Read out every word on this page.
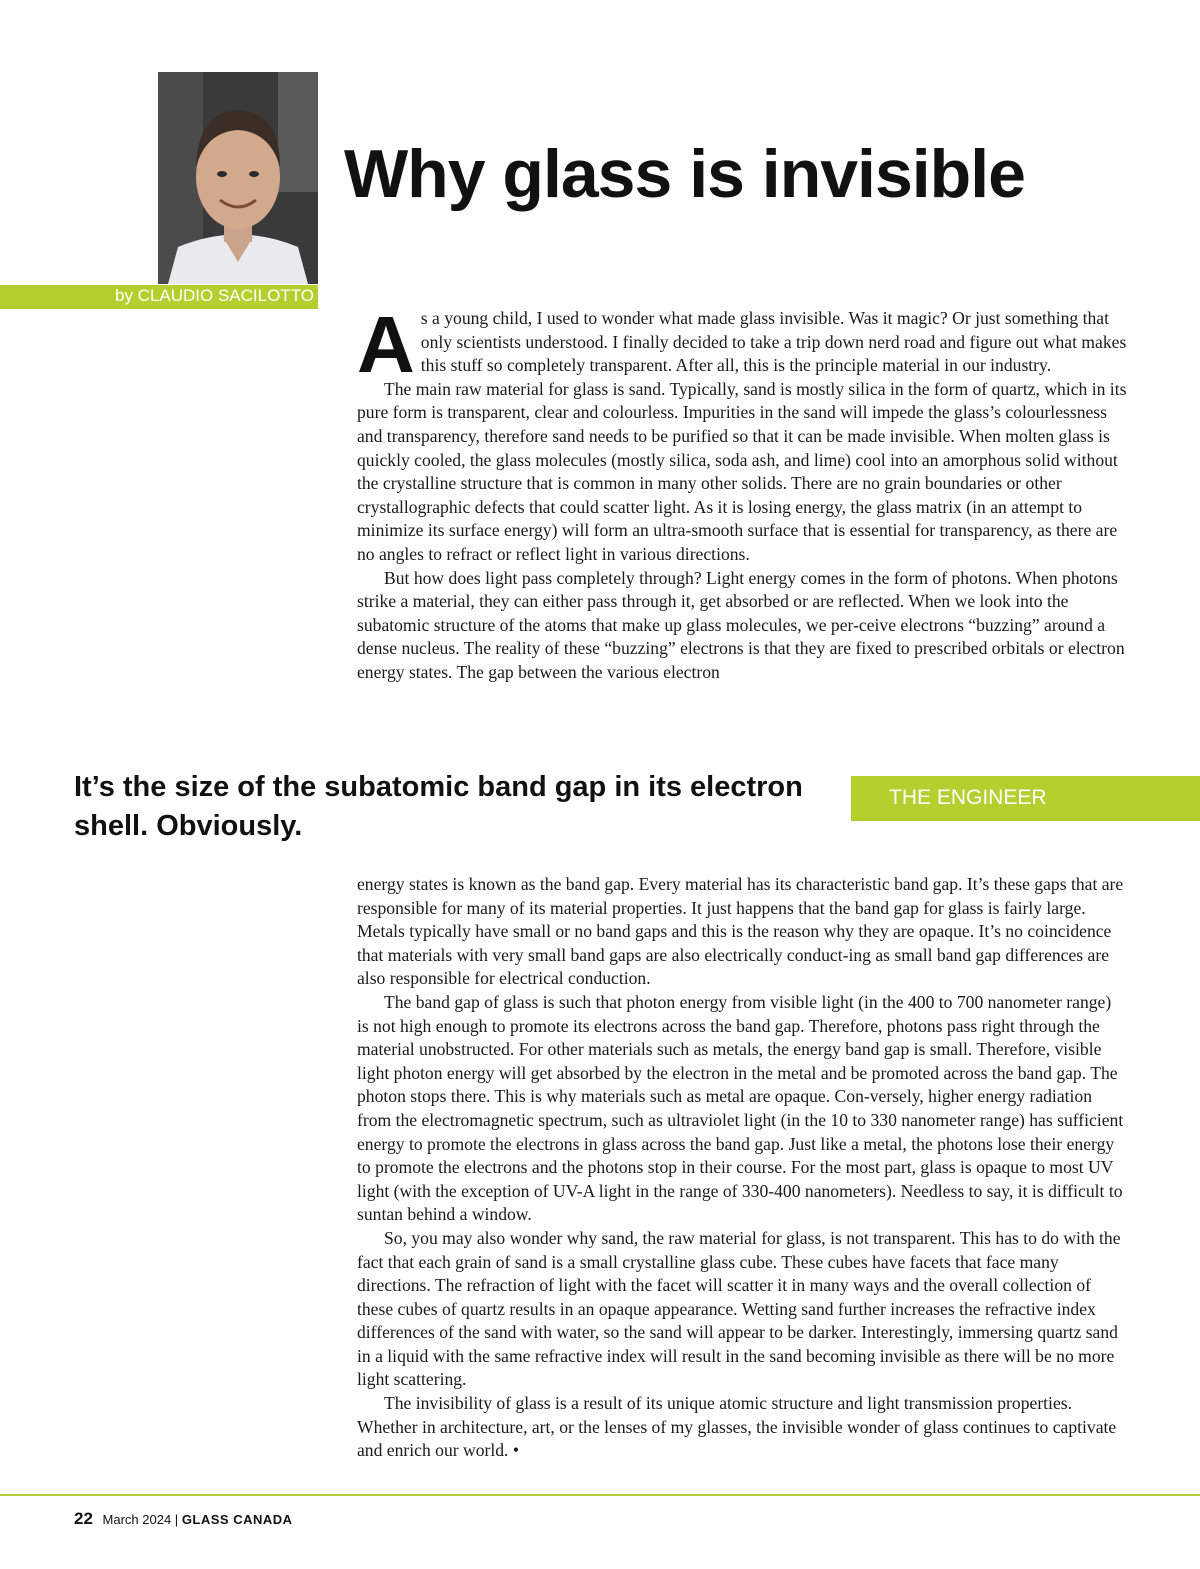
by CLAUDIO SACILOTTO
Why glass is invisible

As a young child, I used to wonder what made glass invisible. Was it magic? Or just something that only scientists understood. I finally decided to take a trip down nerd road and figure out what makes this stuff so completely transparent. After all, this is the principle material in our industry.

The main raw material for glass is sand. Typically, sand is mostly silica in the form of quartz, which in its pure form is transparent, clear and colourless. Impurities in the sand will impede the glass’s colourlessness and transparency, therefore sand needs to be purified so that it can be made invisible. When molten glass is quickly cooled, the glass molecules (mostly silica, soda ash, and lime) cool into an amorphous solid without the crystalline structure that is common in many other solids. There are no grain boundaries or other crystallographic defects that could scatter light. As it is losing energy, the glass matrix (in an attempt to minimize its surface energy) will form an ultra-smooth surface that is essential for transparency, as there are no angles to refract or reflect light in various directions.

But how does light pass completely through? Light energy comes in the form of photons. When photons strike a material, they can either pass through it, get absorbed or are reflected. When we look into the subatomic structure of the atoms that make up glass molecules, we per-ceive electrons “buzzing” around a dense nucleus. The reality of these “buzzing” electrons is that they are fixed to prescribed orbitals or electron energy states. The gap between the various electron

It’s the size of the subatomic band gap in its electron shell. Obviously.

THE ENGINEER

energy states is known as the band gap. Every material has its characteristic band gap. It’s these gaps that are responsible for many of its material properties. It just happens that the band gap for glass is fairly large. Metals typically have small or no band gaps and this is the reason why they are opaque. It’s no coincidence that materials with very small band gaps are also electrically conduct-ing as small band gap differences are also responsible for electrical conduction.

The band gap of glass is such that photon energy from visible light (in the 400 to 700 nanometer range) is not high enough to promote its electrons across the band gap. Therefore, photons pass right through the material unobstructed. For other materials such as metals, the energy band gap is small. Therefore, visible light photon energy will get absorbed by the electron in the metal and be promoted across the band gap. The photon stops there. This is why materials such as metal are opaque. Con-versely, higher energy radiation from the electromagnetic spectrum, such as ultraviolet light (in the 10 to 330 nanometer range) has sufficient energy to promote the electrons in glass across the band gap. Just like a metal, the photons lose their energy to promote the electrons and the photons stop in their course. For the most part, glass is opaque to most UV light (with the exception of UV-A light in the range of 330-400 nanometers). Needless to say, it is difficult to suntan behind a window.

So, you may also wonder why sand, the raw material for glass, is not transparent. This has to do with the fact that each grain of sand is a small crystalline glass cube. These cubes have facets that face many directions. The refraction of light with the facet will scatter it in many ways and the overall collection of these cubes of quartz results in an opaque appearance. Wetting sand further increases the refractive index differences of the sand with water, so the sand will appear to be darker. Interestingly, immersing quartz sand in a liquid with the same refractive index will result in the sand becoming invisible as there will be no more light scattering.

The invisibility of glass is a result of its unique atomic structure and light transmission properties. Whether in architecture, art, or the lenses of my glasses, the invisible wonder of glass continues to captivate and enrich our world. •

22 March 2024 | GLASS CANADA
